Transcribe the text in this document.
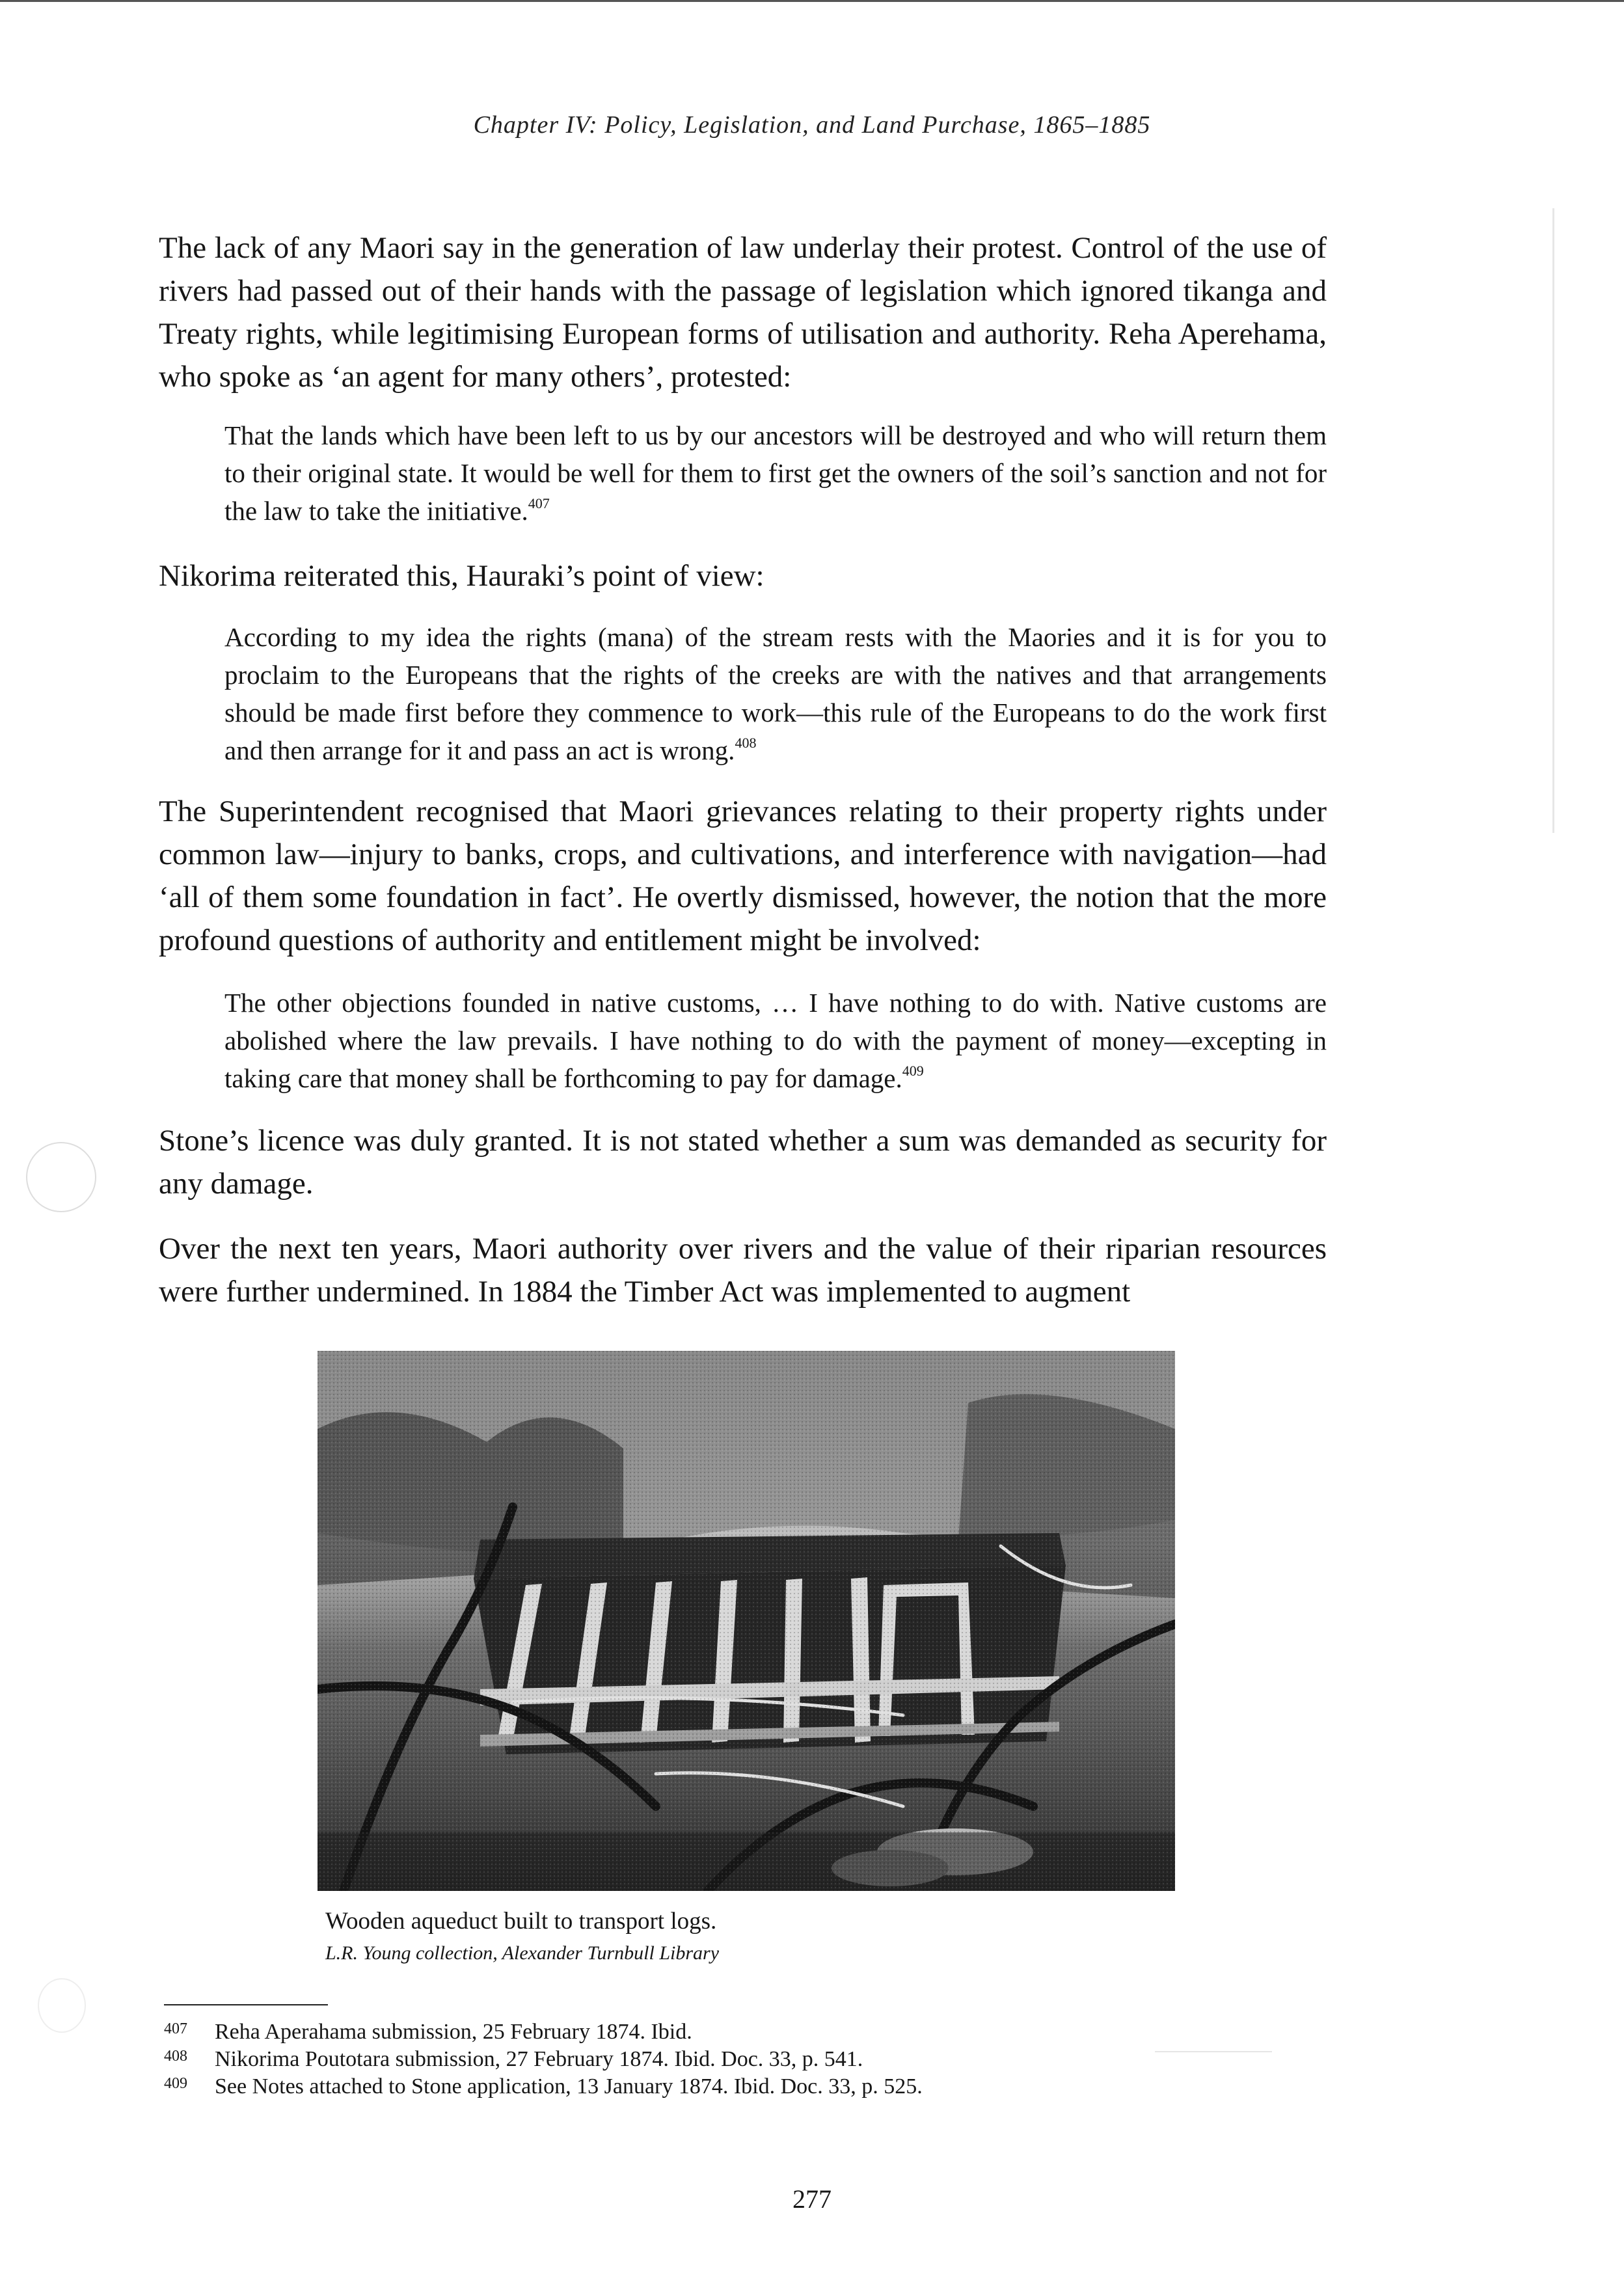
Chapter IV: Policy, Legislation, and Land Purchase, 1865–1885

The lack of any Maori say in the generation of law underlay their protest. Control of the use of rivers had passed out of their hands with the passage of legislation which ignored tikanga and Treaty rights, while legitimising European forms of utilisation and authority. Reha Aperehama, who spoke as ‘an agent for many others’, protested:

That the lands which have been left to us by our ancestors will be destroyed and who will return them to their original state. It would be well for them to first get the owners of the soil’s sanction and not for the law to take the initiative.$^{407}$

Nikorima reiterated this, Hauraki’s point of view:

According to my idea the rights (mana) of the stream rests with the Maories and it is for you to proclaim to the Europeans that the rights of the creeks are with the natives and that arrangements should be made first before they commence to work—this rule of the Europeans to do the work first and then arrange for it and pass an act is wrong.$^{408}$

The Superintendent recognised that Maori grievances relating to their property rights under common law—injury to banks, crops, and cultivations, and interference with navigation—had ‘all of them some foundation in fact’. He overtly dismissed, however, the notion that the more profound questions of authority and entitlement might be involved:

The other objections founded in native customs, … I have nothing to do with. Native customs are abolished where the law prevails. I have nothing to do with the payment of money—excepting in taking care that money shall be forthcoming to pay for damage.$^{409}$

Stone’s licence was duly granted. It is not stated whether a sum was demanded as security for any damage.

Over the next ten years, Maori authority over rivers and the value of their riparian resources were further undermined. In 1884 the Timber Act was implemented to augment

Wooden aqueduct built to transport logs.
L.R. Young collection, Alexander Turnbull Library
407 Reha Aperahama submission, 25 February 1874. Ibid.
408 Nikorima Poutotara submission, 27 February 1874. Ibid. Doc. 33, p. 541.
409 See Notes attached to Stone application, 13 January 1874. Ibid. Doc. 33, p. 525.
277
